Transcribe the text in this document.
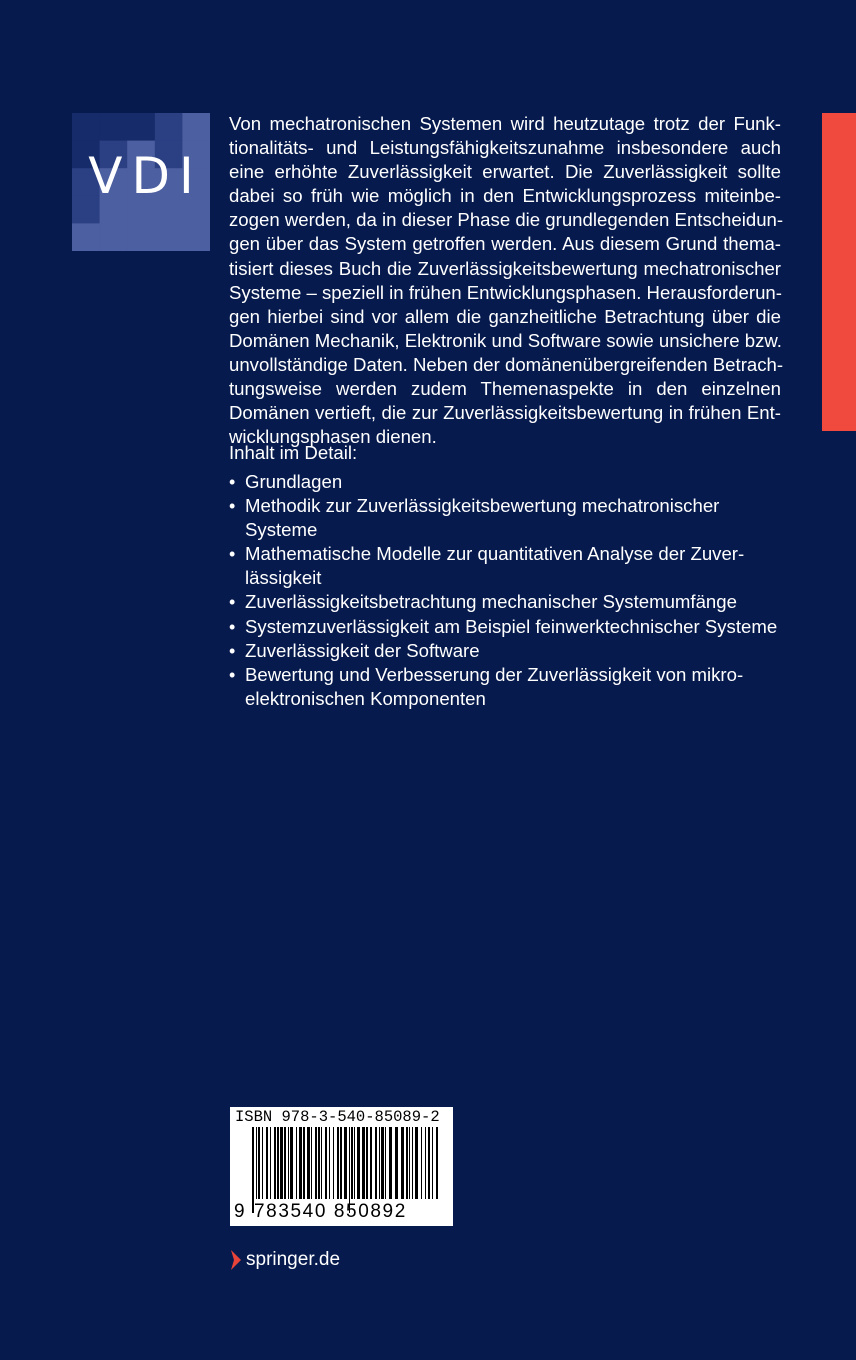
VDI
Von mechatronischen Systemen wird heutzutage trotz der Funk-
tionalitäts- und Leistungsfähigkeitszunahme insbesondere auch
eine erhöhte Zuverlässigkeit erwartet. Die Zuverlässigkeit sollte
dabei so früh wie möglich in den Entwicklungsprozess miteinbe-
zogen werden, da in dieser Phase die grundlegenden Entscheidun-
gen über das System getroffen werden. Aus diesem Grund thema-
tisiert dieses Buch die Zuverlässigkeitsbewertung mechatronischer
Systeme – speziell in frühen Entwicklungsphasen. Herausforderun-
gen hierbei sind vor allem die ganzheitliche Betrachtung über die
Domänen Mechanik, Elektronik und Software sowie unsichere bzw.
unvollständige Daten. Neben der domänenübergreifenden Betrach-
tungsweise werden zudem Themenaspekte in den einzelnen
Domänen vertieft, die zur Zuverlässigkeitsbewertung in frühen Ent-
wicklungsphasen dienen.
Inhalt im Detail:
• Grundlagen
• Methodik zur Zuverlässigkeitsbewertung mechatronischer
Systeme
• Mathematische Modelle zur quantitativen Analyse der Zuver-
lässigkeit
• Zuverlässigkeitsbetrachtung mechanischer Systemumfänge
• Systemzuverlässigkeit am Beispiel feinwerktechnischer Systeme
• Zuverlässigkeit der Software
• Bewertung und Verbesserung der Zuverlässigkeit von mikro-
elektronischen Komponenten
ISBN 978-3-540-85089-2
9 783540 850892
springer.de
